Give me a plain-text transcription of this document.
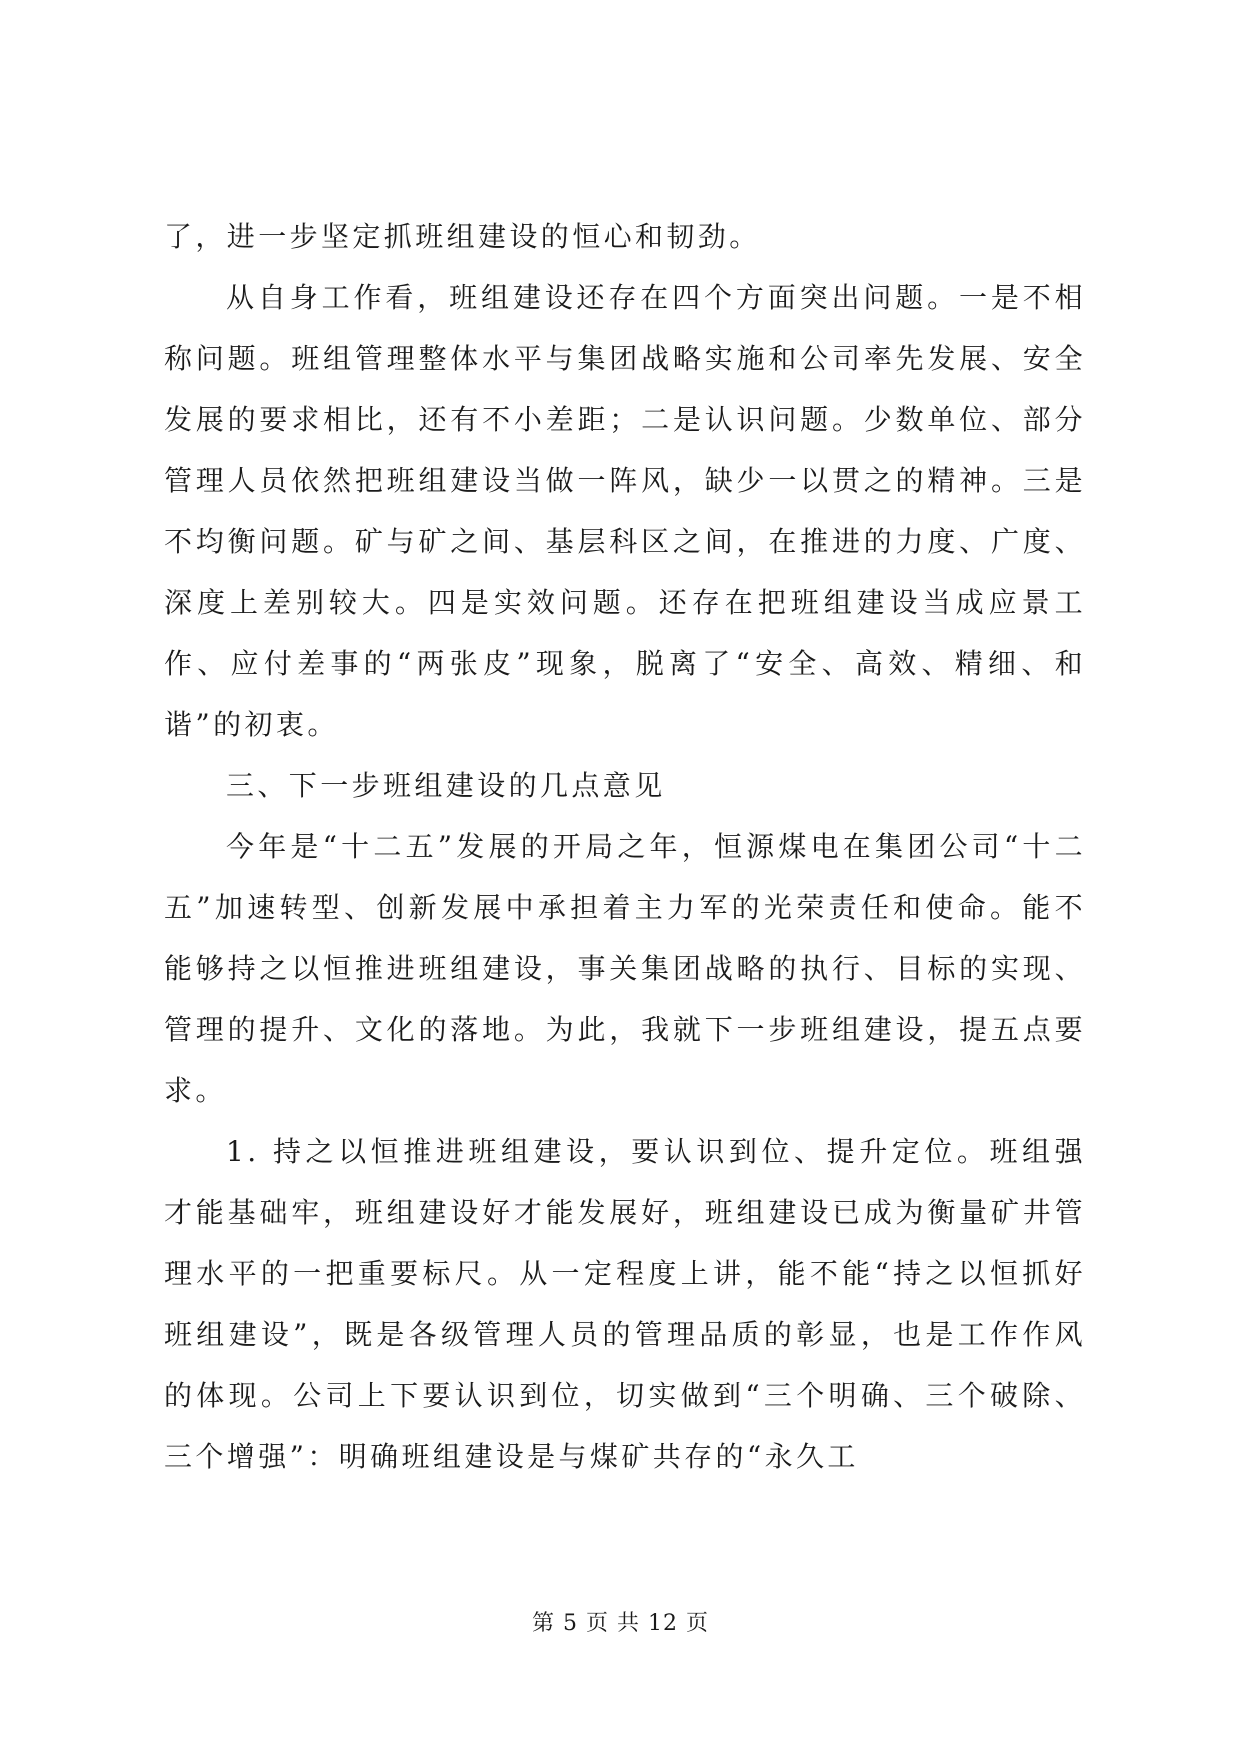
了，进一步坚定抓班组建设的恒心和韧劲。

从自身工作看，班组建设还存在四个方面突出问题。一是不相称问题。班组管理整体水平与集团战略实施和公司率先发展、安全发展的要求相比，还有不小差距；二是认识问题。少数单位、部分管理人员依然把班组建设当做一阵风，缺少一以贯之的精神。三是不均衡问题。矿与矿之间、基层科区之间，在推进的力度、广度、深度上差别较大。四是实效问题。还存在把班组建设当成应景工作、应付差事的“两张皮”现象，脱离了“安全、高效、精细、和谐”的初衷。

三、下一步班组建设的几点意见

今年是“十二五”发展的开局之年，恒源煤电在集团公司“十二五”加速转型、创新发展中承担着主力军的光荣责任和使命。能不能够持之以恒推进班组建设，事关集团战略的执行、目标的实现、管理的提升、文化的落地。为此，我就下一步班组建设，提五点要求。

1. 持之以恒推进班组建设，要认识到位、提升定位。班组强才能基础牢，班组建设好才能发展好，班组建设已成为衡量矿井管理水平的一把重要标尺。从一定程度上讲，能不能“持之以恒抓好班组建设”，既是各级管理人员的管理品质的彰显，也是工作作风的体现。公司上下要认识到位，切实做到“三个明确、三个破除、三个增强”：明确班组建设是与煤矿共存的“永久工

第 5 页 共 12 页
